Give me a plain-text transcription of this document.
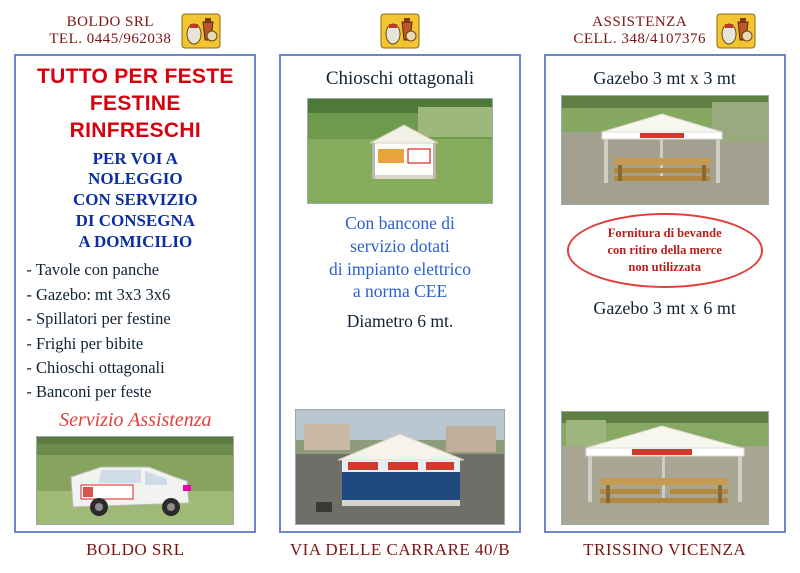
BOLDO SRL
TEL. 0445/962038
TUTTO PER FESTE
FESTINE
RINFRESCHI
PER VOI A
NOLEGGIO
CON SERVIZIO
DI CONSEGNA
A DOMICILIO
- Tavole con panche
- Gazebo: mt 3x3 3x6
- Spillatori per festine
- Frighi per bibite
- Chioschi ottagonali
- Banconi per feste
Servizio Assistenza
BOLDO SRL
Chioschi ottagonali
Con bancone di
servizio dotati
di impianto elettrico
a norma CEE
Diametro 6 mt.
VIA DELLE CARRARE 40/B
ASSISTENZA
CELL. 348/4107376
Gazebo 3 mt x 3 mt
Fornitura di bevande
con ritiro della merce
non utilizzata
Gazebo 3 mt x 6 mt
TRISSINO VICENZA
